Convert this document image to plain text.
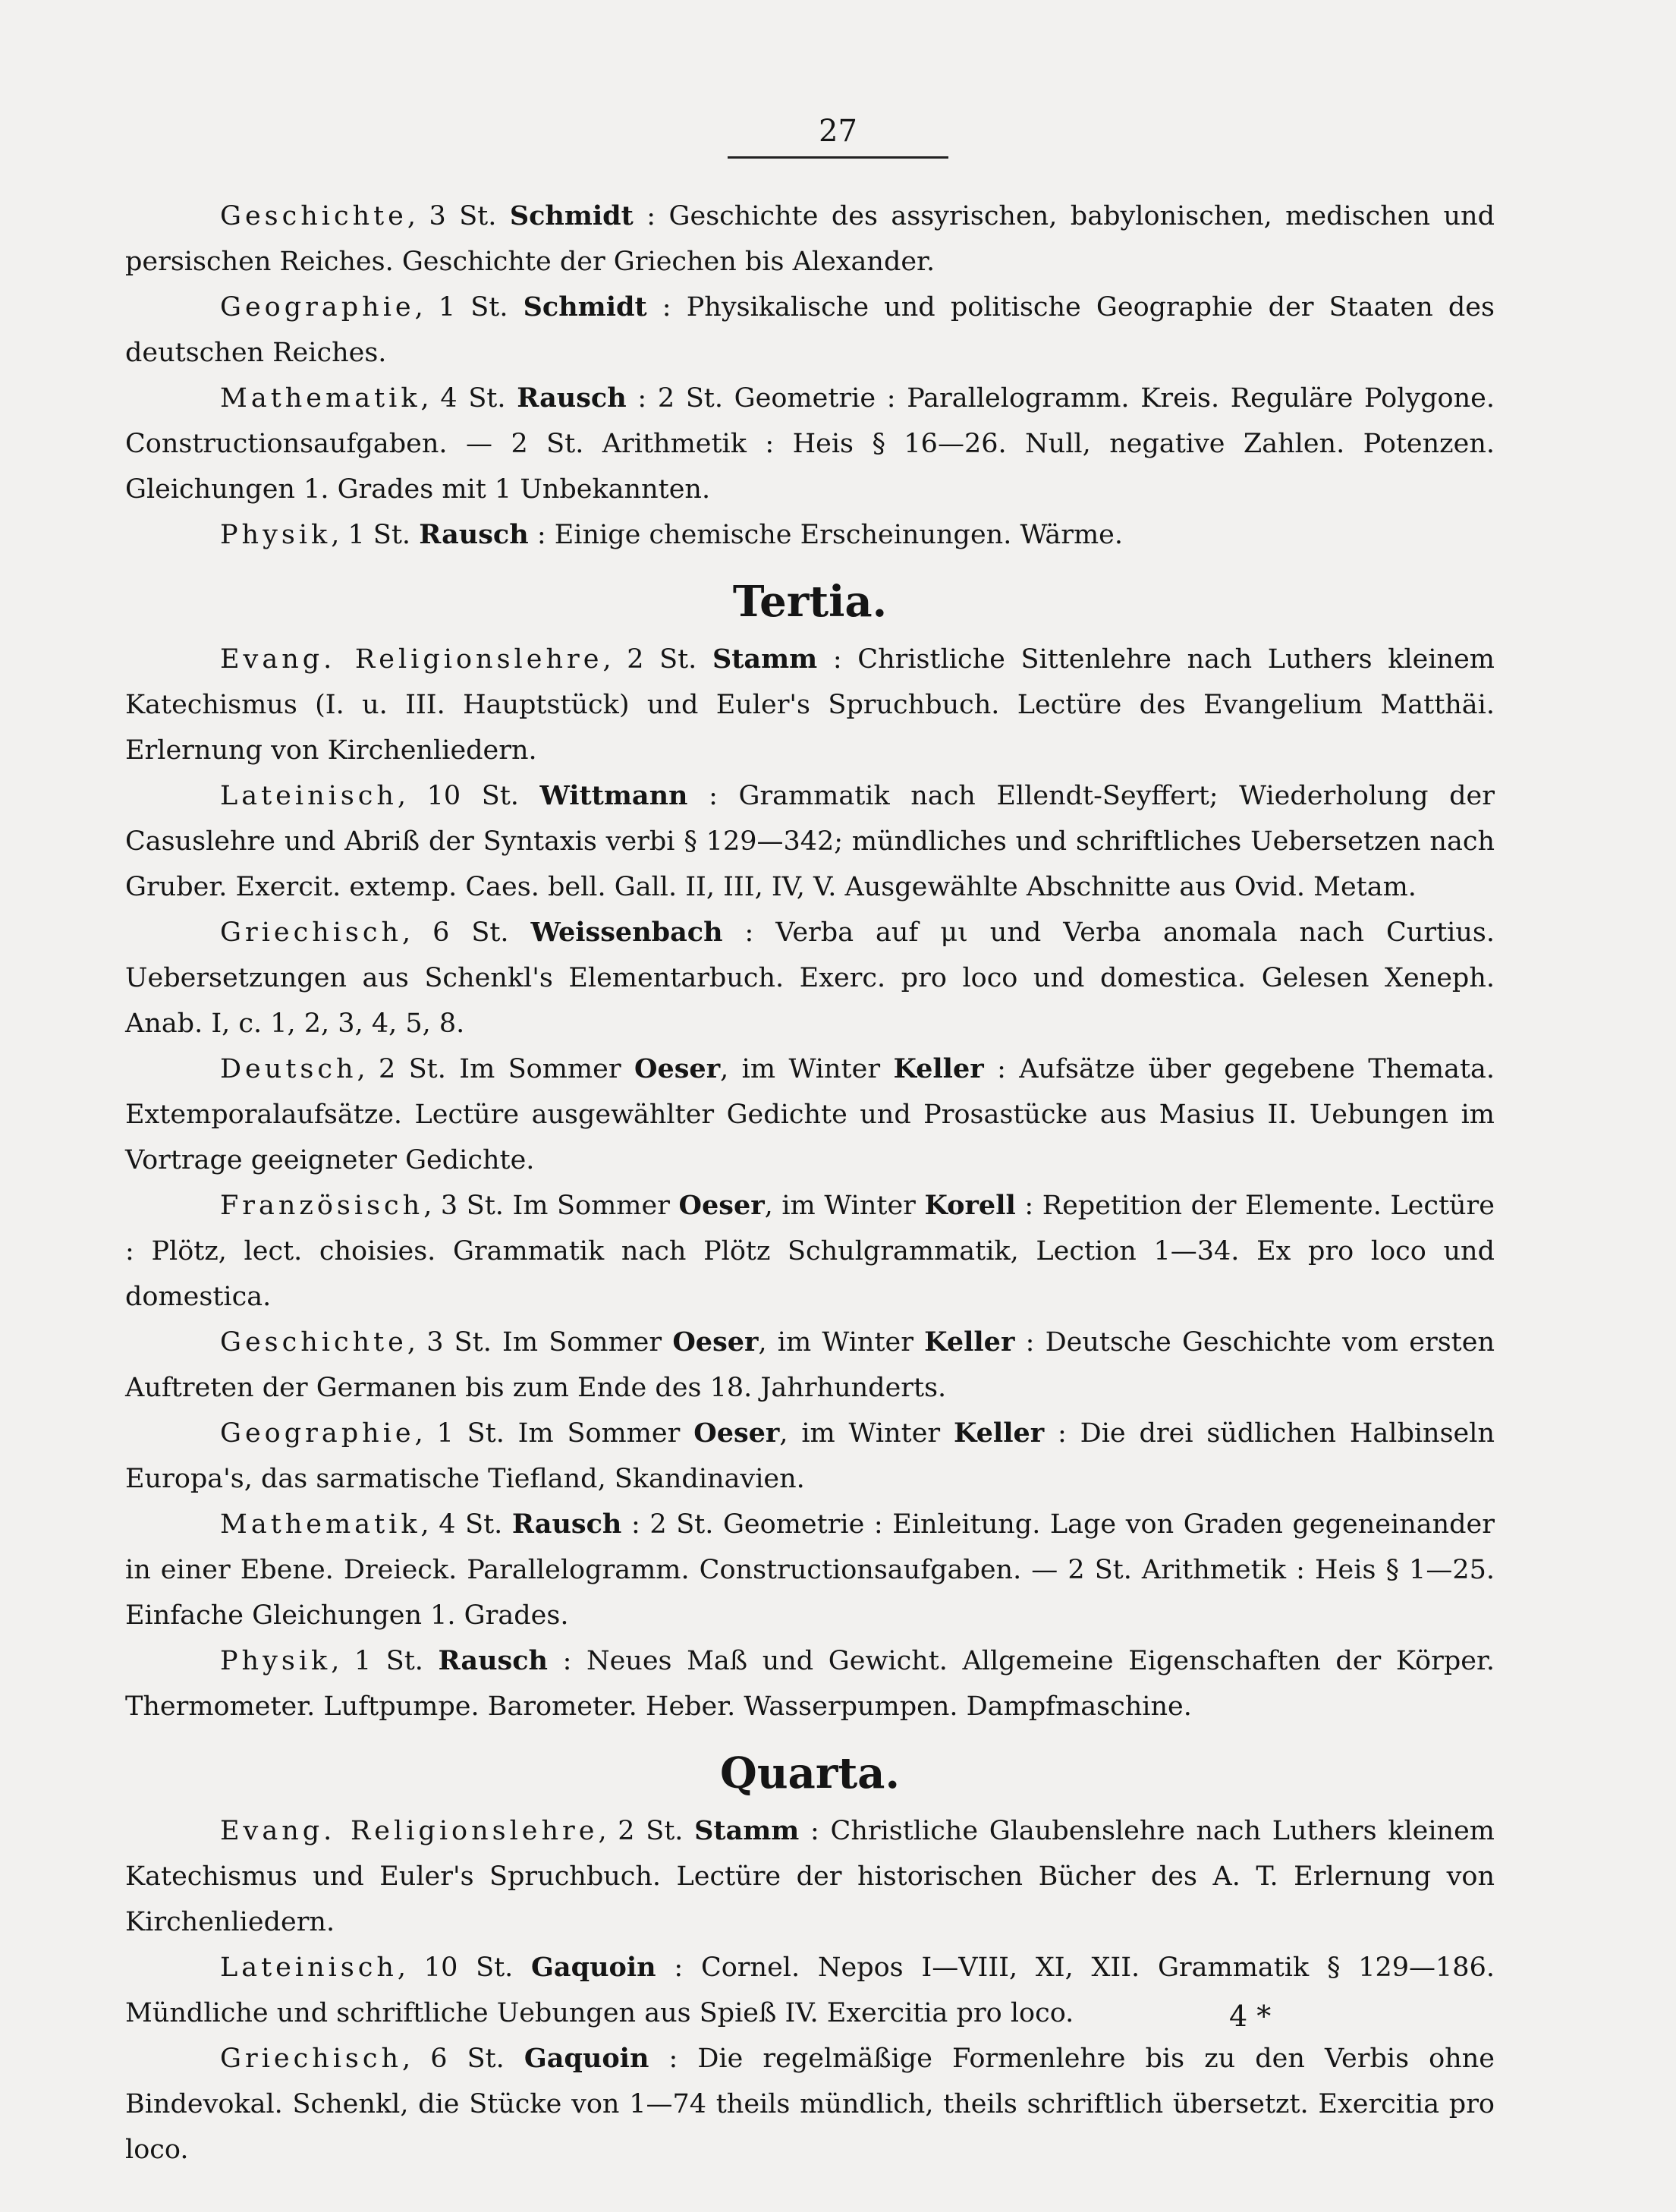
27

Geschichte, 3 St. Schmidt : Geschichte des assyrischen, babylonischen, medischen und persischen Reiches. Geschichte der Griechen bis Alexander.

Geographie, 1 St. Schmidt : Physikalische und politische Geographie der Staaten des deutschen Reiches.

Mathematik, 4 St. Rausch : 2 St. Geometrie : Parallelogramm. Kreis. Reguläre Polygone. Constructionsaufgaben. — 2 St. Arithmetik : Heis § 16—26. Null, negative Zahlen. Potenzen. Gleichungen 1. Grades mit 1 Unbekannten.

Physik, 1 St. Rausch : Einige chemische Erscheinungen. Wärme.

Tertia.

Evang. Religionslehre, 2 St. Stamm : Christliche Sittenlehre nach Luthers kleinem Katechismus (I. u. III. Hauptstück) und Euler's Spruchbuch. Lectüre des Evangelium Matthäi. Erlernung von Kirchenliedern.

Lateinisch, 10 St. Wittmann : Grammatik nach Ellendt-Seyffert; Wiederholung der Casuslehre und Abriß der Syntaxis verbi § 129—342; mündliches und schriftliches Uebersetzen nach Gruber. Exercit. extemp. Caes. bell. Gall. II, III, IV, V. Ausgewählte Abschnitte aus Ovid. Metam.

Griechisch, 6 St. Weissenbach : Verba auf μι und Verba anomala nach Curtius. Uebersetzungen aus Schenkl's Elementarbuch. Exerc. pro loco und domestica. Gelesen Xeneph. Anab. I, c. 1, 2, 3, 4, 5, 8.

Deutsch, 2 St. Im Sommer Oeser, im Winter Keller : Aufsätze über gegebene Themata. Extemporalaufsätze. Lectüre ausgewählter Gedichte und Prosastücke aus Masius II. Uebungen im Vortrage geeigneter Gedichte.

Französisch, 3 St. Im Sommer Oeser, im Winter Korell : Repetition der Elemente. Lectüre : Plötz, lect. choisies. Grammatik nach Plötz Schulgrammatik, Lection 1—34. Ex pro loco und domestica.

Geschichte, 3 St. Im Sommer Oeser, im Winter Keller : Deutsche Geschichte vom ersten Auftreten der Germanen bis zum Ende des 18. Jahrhunderts.

Geographie, 1 St. Im Sommer Oeser, im Winter Keller : Die drei südlichen Halbinseln Europa's, das sarmatische Tiefland, Skandinavien.

Mathematik, 4 St. Rausch : 2 St. Geometrie : Einleitung. Lage von Graden gegeneinander in einer Ebene. Dreieck. Parallelogramm. Constructionsaufgaben. — 2 St. Arithmetik : Heis § 1—25. Einfache Gleichungen 1. Grades.

Physik, 1 St. Rausch : Neues Maß und Gewicht. Allgemeine Eigenschaften der Körper. Thermometer. Luftpumpe. Barometer. Heber. Wasserpumpen. Dampfmaschine.

Quarta.

Evang. Religionslehre, 2 St. Stamm : Christliche Glaubenslehre nach Luthers kleinem Katechismus und Euler's Spruchbuch. Lectüre der historischen Bücher des A. T. Erlernung von Kirchenliedern.

Lateinisch, 10 St. Gaquoin : Cornel. Nepos I—VIII, XI, XII. Grammatik § 129—186. Mündliche und schriftliche Uebungen aus Spieß IV. Exercitia pro loco.

Griechisch, 6 St. Gaquoin : Die regelmäßige Formenlehre bis zu den Verbis ohne Bindevokal. Schenkl, die Stücke von 1—74 theils mündlich, theils schriftlich übersetzt. Exercitia pro loco.

4 *
